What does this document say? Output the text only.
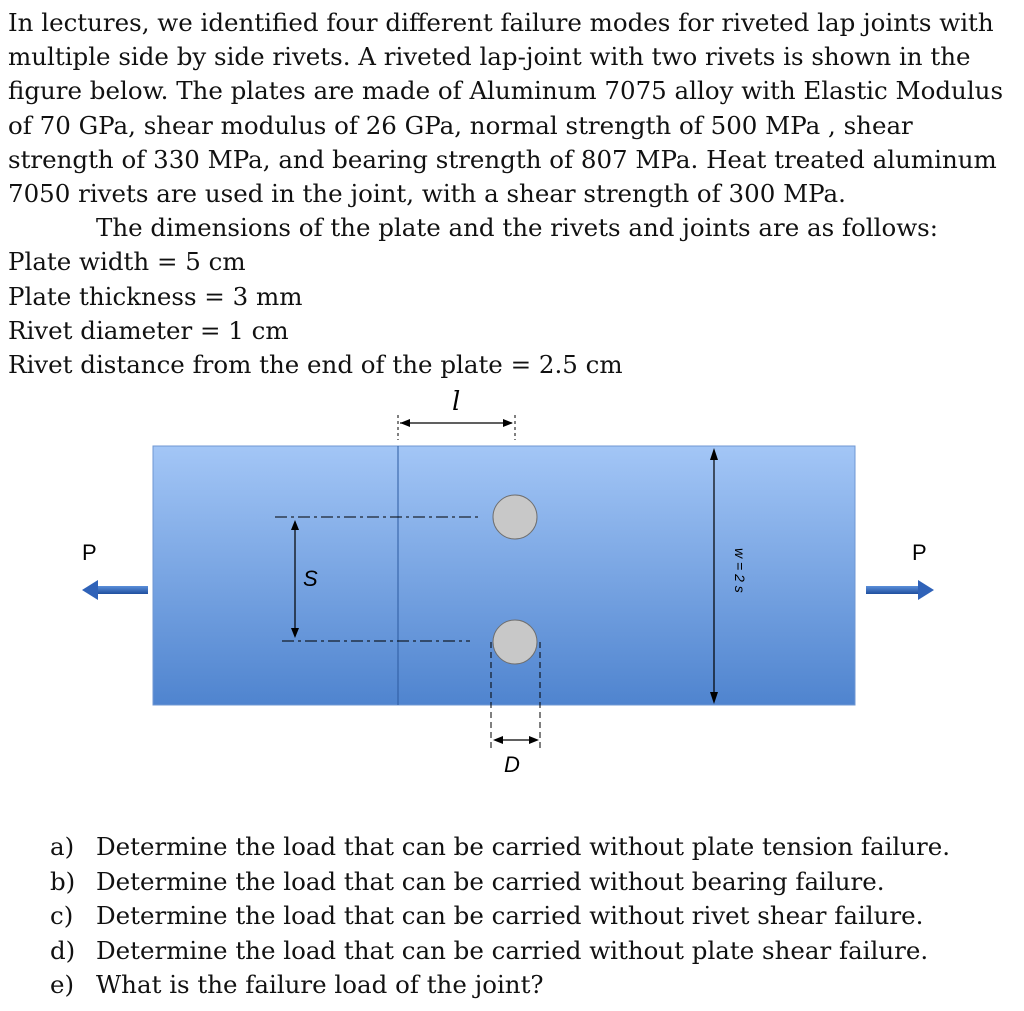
In lectures, we identified four different failure modes for riveted lap joints with multiple side by side rivets. A riveted lap-joint with two rivets is shown in the figure below. The plates are made of Aluminum 7075 alloy with Elastic Modulus of 70 GPa, shear modulus of 26 GPa, normal strength of 500 MPa , shear strength of 330 MPa, and bearing strength of 807 MPa. Heat treated aluminum 7050 rivets are used in the joint, with a shear strength of 300 MPa.

The dimensions of the plate and the rivets and joints are as follows:

Plate width = 5 cm

Plate thickness = 3 mm

Rivet diameter = 1 cm

Rivet distance from the end of the plate = 2.5 cm

l
S
D
w = 2 s
P	P
a) Determine the load that can be carried without plate tension failure.
b) Determine the load that can be carried without bearing failure.
c) Determine the load that can be carried without rivet shear failure.
d) Determine the load that can be carried without plate shear failure.
e) What is the failure load of the joint?
